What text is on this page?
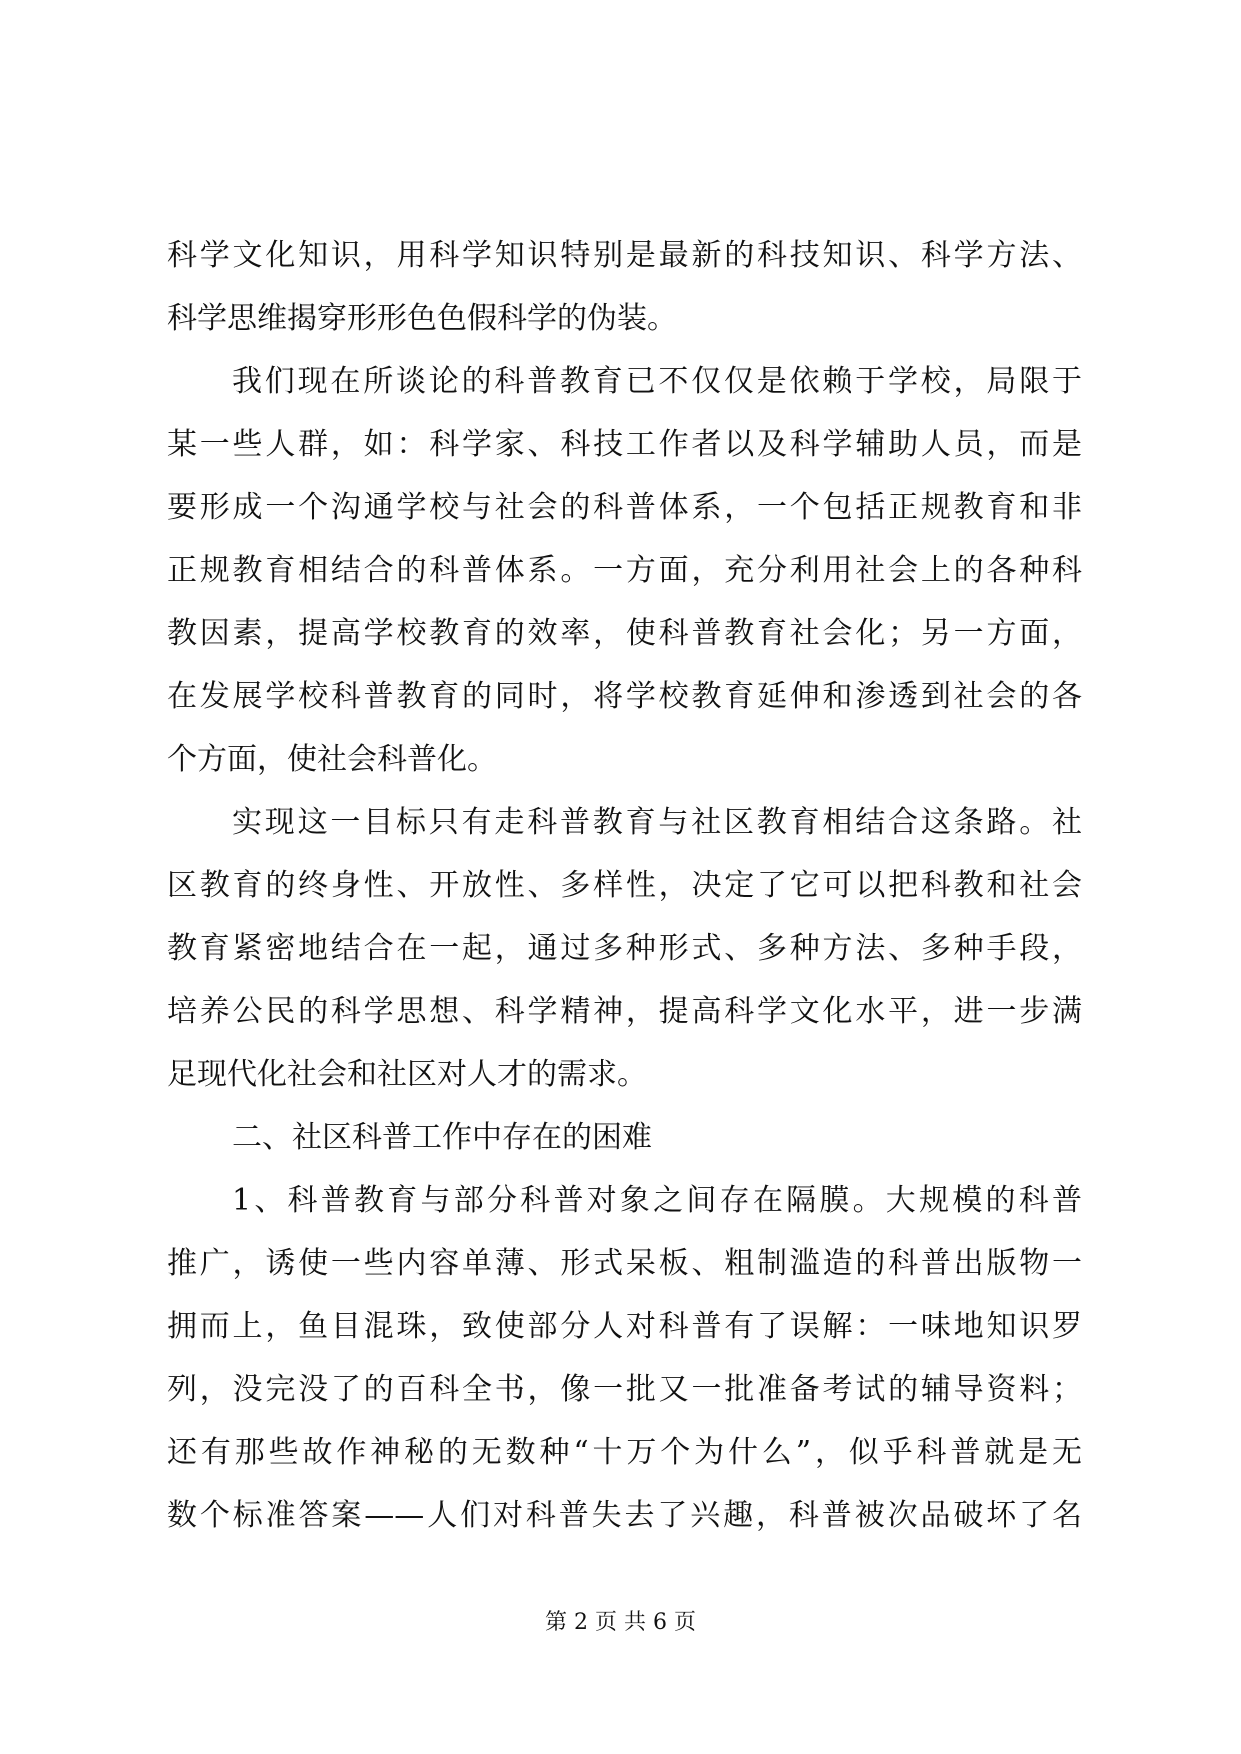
科学文化知识，用科学知识特别是最新的科技知识、科学方法、
科学思维揭穿形形色色假科学的伪装。
我们现在所谈论的科普教育已不仅仅是依赖于学校，局限于
某一些人群，如：科学家、科技工作者以及科学辅助人员，而是
要形成一个沟通学校与社会的科普体系，一个包括正规教育和非
正规教育相结合的科普体系。一方面，充分利用社会上的各种科
教因素，提高学校教育的效率，使科普教育社会化；另一方面，
在发展学校科普教育的同时，将学校教育延伸和渗透到社会的各
个方面，使社会科普化。
实现这一目标只有走科普教育与社区教育相结合这条路。社
区教育的终身性、开放性、多样性，决定了它可以把科教和社会
教育紧密地结合在一起，通过多种形式、多种方法、多种手段，
培养公民的科学思想、科学精神，提高科学文化水平，进一步满
足现代化社会和社区对人才的需求。
二、社区科普工作中存在的困难
1、科普教育与部分科普对象之间存在隔膜。大规模的科普
推广，诱使一些内容单薄、形式呆板、粗制滥造的科普出版物一
拥而上，鱼目混珠，致使部分人对科普有了误解：一味地知识罗
列，没完没了的百科全书，像一批又一批准备考试的辅导资料；
还有那些故作神秘的无数种“十万个为什么”，似乎科普就是无
数个标准答案——人们对科普失去了兴趣，科普被次品破坏了名
第 2 页 共 6 页
